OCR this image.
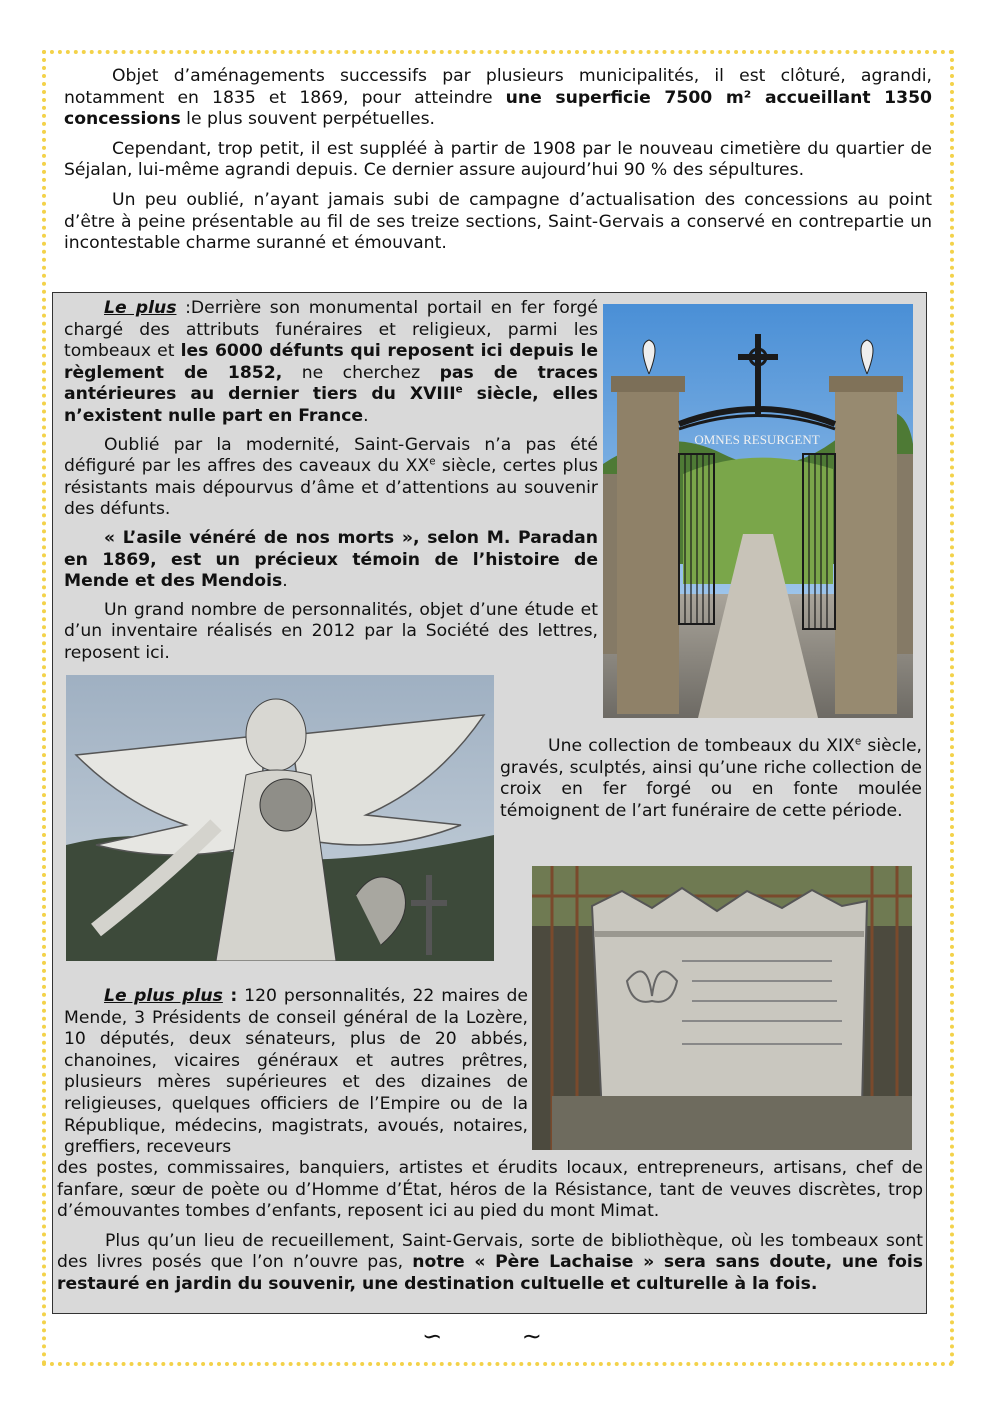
Objet d’aménagements successifs par plusieurs municipalités, il est clôturé, agrandi, notamment en 1835 et 1869, pour atteindre une superficie 7500 m² accueillant 1350 concessions le plus souvent perpétuelles.

Cependant, trop petit, il est suppléé à partir de 1908 par le nouveau cimetière du quartier de Séjalan, lui-même agrandi depuis. Ce dernier assure aujourd’hui 90 % des sépultures.

Un peu oublié, n’ayant jamais subi de campagne d’actualisation des concessions au point d’être à peine présentable au fil de ses treize sections, Saint-Gervais a conservé en contrepartie un incontestable charme suranné et émouvant.

Le plus :Derrière son monumental portail en fer forgé chargé des attributs funéraires et religieux, parmi les tombeaux et les 6000 défunts qui reposent ici depuis le règlement de 1852, ne cherchez pas de traces antérieures au dernier tiers du XVIIIe siècle, elles n’existent nulle part en France.

Oublié par la modernité, Saint-Gervais n’a pas été défiguré par les affres des caveaux du XXe siècle, certes plus résistants mais dépourvus d’âme et d’attentions au souvenir des défunts.

« L’asile vénéré de nos morts », selon M. Paradan en 1869, est un précieux témoin de l’histoire de Mende et des Mendois.

Un grand nombre de personnalités, objet d’une étude et d’un inventaire réalisés en 2012 par la Société des lettres, reposent ici.

OMNES RESURGENT

Une collection de tombeaux du XIXe siècle, gravés, sculptés, ainsi qu’une riche collection de croix en fer forgé ou en fonte moulée témoignent de l’art funéraire de cette période.

Le plus plus : 120 personnalités, 22 maires de Mende, 3 Présidents de conseil général de la Lozère, 10 députés, deux sénateurs, plus de 20 abbés, chanoines, vicaires généraux et autres prêtres, plusieurs mères supérieures et des dizaines de religieuses, quelques officiers de l’Empire ou de la République, médecins, magistrats, avoués, notaires, greffiers, receveurs

des postes, commissaires, banquiers, artistes et érudits locaux, entrepreneurs, artisans, chef de fanfare, sœur de poète ou d’Homme d’État, héros de la Résistance, tant de veuves discrètes, trop d’émouvantes tombes d’enfants, reposent ici au pied du mont Mimat.

Plus qu’un lieu de recueillement, Saint-Gervais, sorte de bibliothèque, où les tombeaux sont des livres posés que l’on n’ouvre pas, notre « Père Lachaise » sera sans doute, une fois restauré en jardin du souvenir, une destination cultuelle et culturelle à la fois.

∽ ∼
